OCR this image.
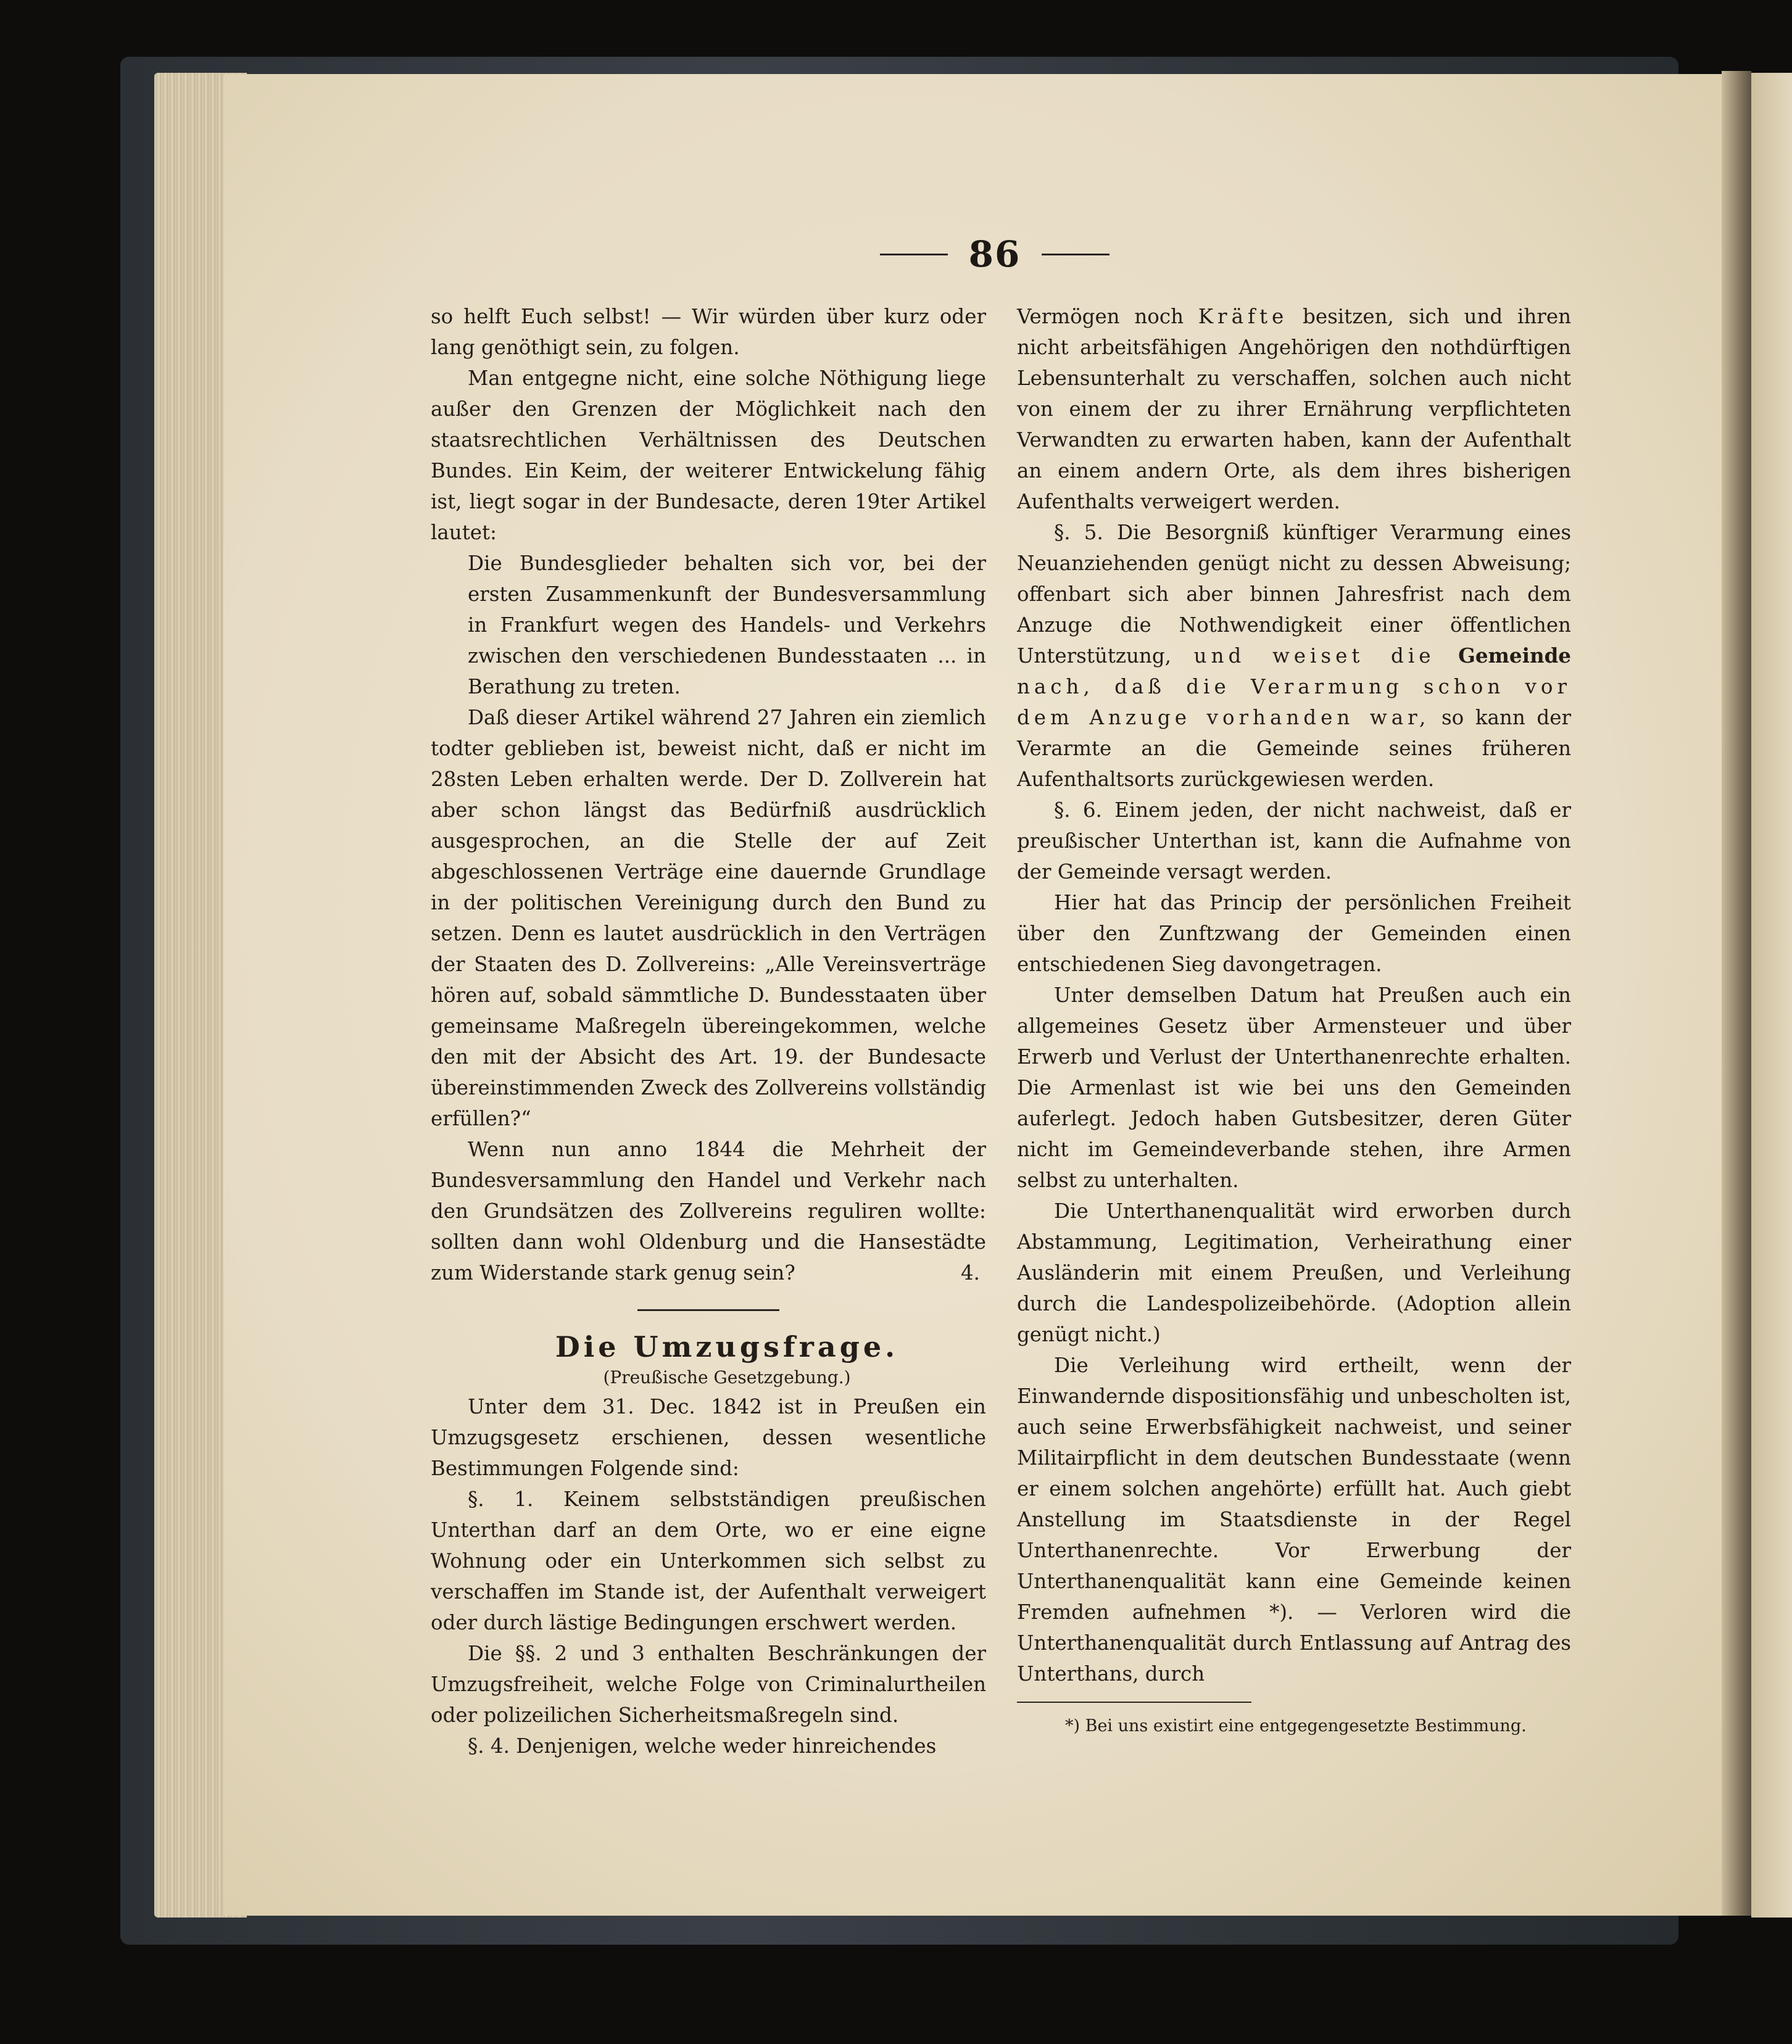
86

so helft Euch selbst! — Wir würden über kurz oder lang genöthigt sein, zu folgen.

Man entgegne nicht, eine solche Nöthigung liege außer den Grenzen der Möglichkeit nach den staatsrechtlichen Verhältnissen des Deutschen Bundes. Ein Keim, der weiterer Entwickelung fähig ist, liegt sogar in der Bundesacte, deren 19ter Artikel lautet:

Die Bundesglieder behalten sich vor, bei der ersten Zusammenkunft der Bundesversammlung in Frankfurt wegen des Handels- und Verkehrs zwischen den verschiedenen Bundesstaaten ... in Berathung zu treten.

Daß dieser Artikel während 27 Jahren ein ziemlich todter geblieben ist, beweist nicht, daß er nicht im 28sten Leben erhalten werde. Der D. Zollverein hat aber schon längst das Bedürfniß ausdrücklich ausgesprochen, an die Stelle der auf Zeit abgeschlossenen Verträge eine dauernde Grundlage in der politischen Vereinigung durch den Bund zu setzen. Denn es lautet ausdrücklich in den Verträgen der Staaten des D. Zollvereins: „Alle Vereinsverträge hören auf, sobald sämmtliche D. Bundesstaaten über gemeinsame Maßregeln übereingekommen, welche den mit der Absicht des Art. 19. der Bundesacte übereinstimmenden Zweck des Zollvereins vollständig erfüllen?“

Wenn nun anno 1844 die Mehrheit der Bundesversammlung den Handel und Verkehr nach den Grundsätzen des Zollvereins reguliren wollte: sollten dann wohl Oldenburg und die Hansestädte zum Widerstande stark genug sein?	4.

Die Umzugsfrage.

(Preußische Gesetzgebung.)

Unter dem 31. Dec. 1842 ist in Preußen ein Umzugsgesetz erschienen, dessen wesentliche Bestimmungen Folgende sind:

§. 1. Keinem selbstständigen preußischen Unterthan darf an dem Orte, wo er eine eigne Wohnung oder ein Unterkommen sich selbst zu verschaffen im Stande ist, der Aufenthalt verweigert oder durch lästige Bedingungen erschwert werden.

Die §§. 2 und 3 enthalten Beschränkungen der Umzugsfreiheit, welche Folge von Criminalurtheilen oder polizeilichen Sicherheitsmaßregeln sind.

§. 4. Denjenigen, welche weder hinreichendes

Vermögen noch Kräfte besitzen, sich und ihren nicht arbeitsfähigen Angehörigen den nothdürftigen Lebensunterhalt zu verschaffen, solchen auch nicht von einem der zu ihrer Ernährung verpflichteten Verwandten zu erwarten haben, kann der Aufenthalt an einem andern Orte, als dem ihres bisherigen Aufenthalts verweigert werden.

§. 5. Die Besorgniß künftiger Verarmung eines Neuanziehenden genügt nicht zu dessen Abweisung; offenbart sich aber binnen Jahresfrist nach dem Anzuge die Nothwendigkeit einer öffentlichen Unterstützung, und weiset die Gemeinde nach, daß die Verarmung schon vor dem Anzuge vorhanden war, so kann der Verarmte an die Gemeinde seines früheren Aufenthaltsorts zurückgewiesen werden.

§. 6. Einem jeden, der nicht nachweist, daß er preußischer Unterthan ist, kann die Aufnahme von der Gemeinde versagt werden.

Hier hat das Princip der persönlichen Freiheit über den Zunftzwang der Gemeinden einen entschiedenen Sieg davongetragen.

Unter demselben Datum hat Preußen auch ein allgemeines Gesetz über Armensteuer und über Erwerb und Verlust der Unterthanenrechte erhalten. Die Armenlast ist wie bei uns den Gemeinden auferlegt. Jedoch haben Gutsbesitzer, deren Güter nicht im Gemeindeverbande stehen, ihre Armen selbst zu unterhalten.

Die Unterthanenqualität wird erworben durch Abstammung, Legitimation, Verheirathung einer Ausländerin mit einem Preußen, und Verleihung durch die Landespolizeibehörde. (Adoption allein genügt nicht.)

Die Verleihung wird ertheilt, wenn der Einwandernde dispositionsfähig und unbescholten ist, auch seine Erwerbsfähigkeit nachweist, und seiner Militairpflicht in dem deutschen Bundesstaate (wenn er einem solchen angehörte) erfüllt hat. Auch giebt Anstellung im Staatsdienste in der Regel Unterthanenrechte. Vor Erwerbung der Unterthanenqualität kann eine Gemeinde keinen Fremden aufnehmen *). — Verloren wird die Unterthanenqualität durch Entlassung auf Antrag des Unterthans, durch

*) Bei uns existirt eine entgegengesetzte Bestimmung.
